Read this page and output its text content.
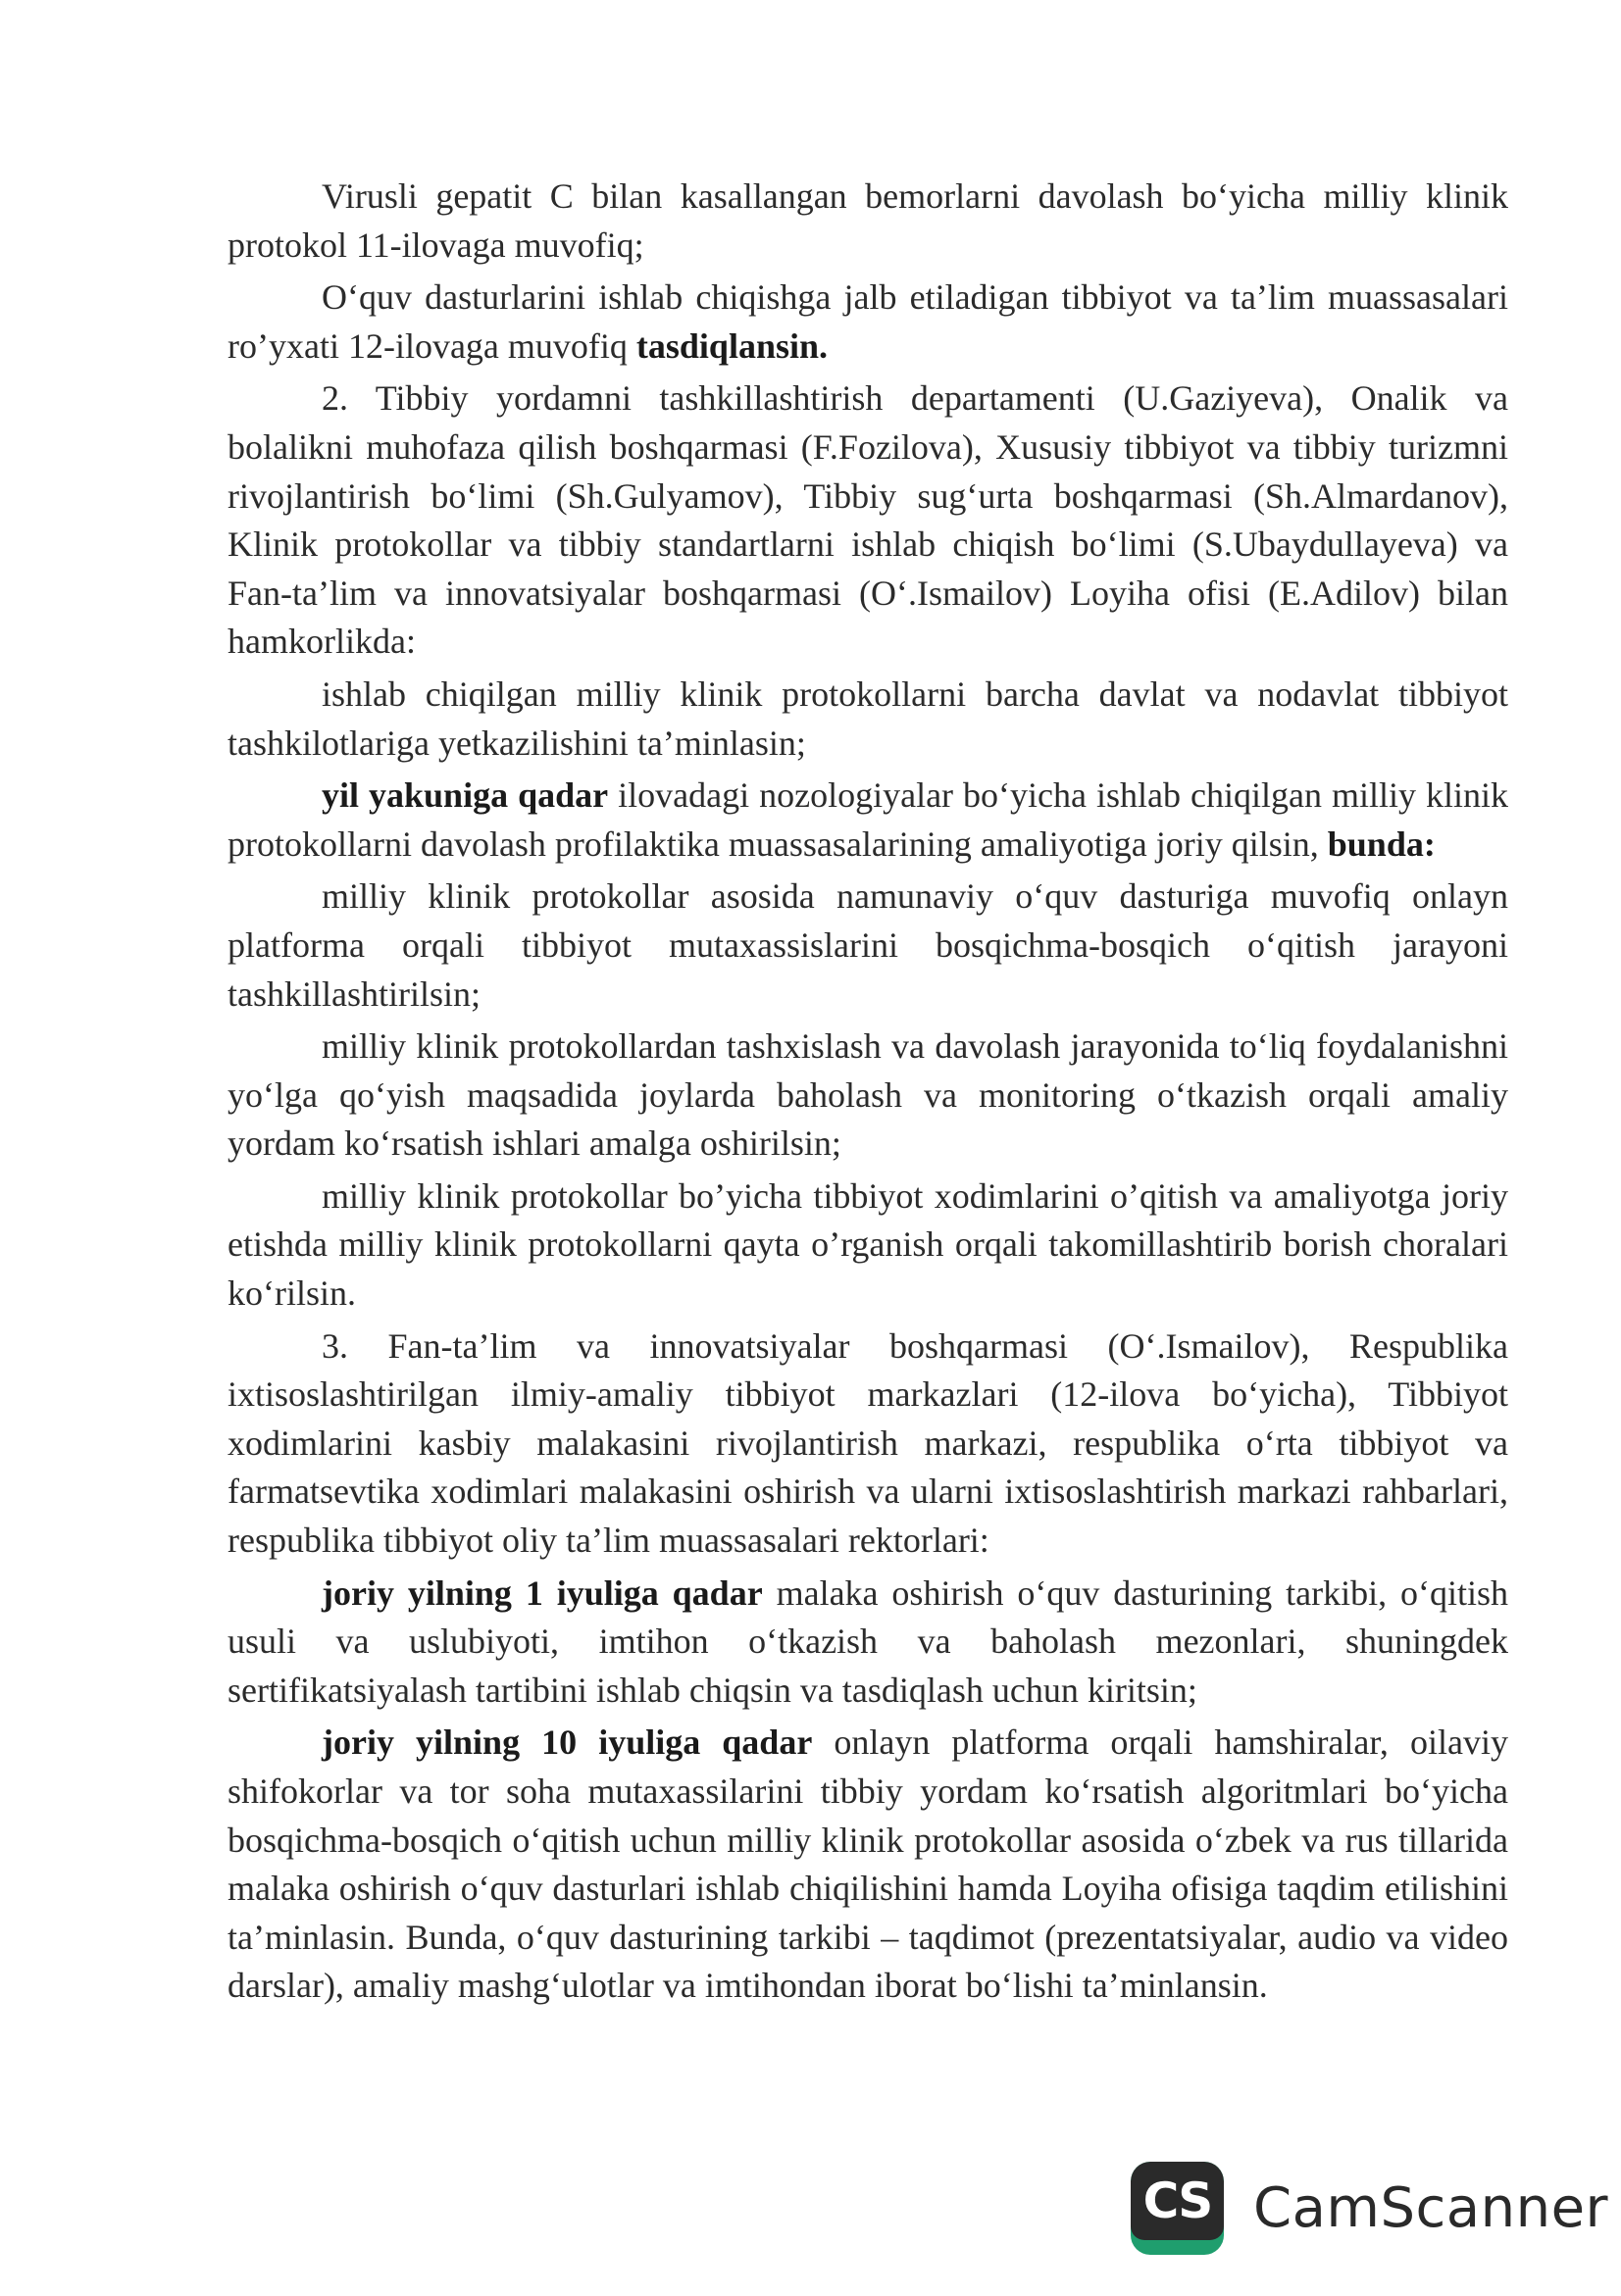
Virusli gepatit C bilan kasallangan bemorlarni davolash bo‘yicha milliy klinik protokol 11-ilovaga muvofiq;

O‘quv dasturlarini ishlab chiqishga jalb etiladigan tibbiyot va ta’lim muassasalari ro’yxati 12-ilovaga muvofiq tasdiqlansin.

2. Tibbiy yordamni tashkillashtirish departamenti (U.Gaziyeva), Onalik va bolalikni muhofaza qilish boshqarmasi (F.Fozilova), Xususiy tibbiyot va tibbiy turizmni rivojlantirish bo‘limi (Sh.Gulyamov), Tibbiy sug‘urta boshqarmasi (Sh.Almardanov), Klinik protokollar va tibbiy standartlarni ishlab chiqish bo‘limi (S.Ubaydullayeva) va Fan-ta’lim va innovatsiyalar boshqarmasi (O‘.Ismailov) Loyiha ofisi (E.Adilov) bilan hamkorlikda:

ishlab chiqilgan milliy klinik protokollarni barcha davlat va nodavlat tibbiyot tashkilotlariga yetkazilishini ta’minlasin;

yil yakuniga qadar ilovadagi nozologiyalar bo‘yicha ishlab chiqilgan milliy klinik protokollarni davolash profilaktika muassasalarining amaliyotiga joriy qilsin, bunda:

milliy klinik protokollar asosida namunaviy o‘quv dasturiga muvofiq onlayn platforma orqali tibbiyot mutaxassislarini bosqichma-bosqich o‘qitish jarayoni tashkillashtirilsin;

milliy klinik protokollardan tashxislash va davolash jarayonida to‘liq foydalanishni yo‘lga qo‘yish maqsadida joylarda baholash va monitoring o‘tkazish orqali amaliy yordam ko‘rsatish ishlari amalga oshirilsin;

milliy klinik protokollar bo’yicha tibbiyot xodimlarini o’qitish va amaliyotga joriy etishda milliy klinik protokollarni qayta o’rganish orqali takomillashtirib borish choralari ko‘rilsin.

3. Fan-ta’lim va innovatsiyalar boshqarmasi (O‘.Ismailov), Respublika ixtisoslashtirilgan ilmiy-amaliy tibbiyot markazlari (12-ilova bo‘yicha), Tibbiyot xodimlarini kasbiy malakasini rivojlantirish markazi, respublika o‘rta tibbiyot va farmatsevtika xodimlari malakasini oshirish va ularni ixtisoslashtirish markazi rahbarlari, respublika tibbiyot oliy ta’lim muassasalari rektorlari:

joriy yilning 1 iyuliga qadar malaka oshirish o‘quv dasturining tarkibi, o‘qitish usuli va uslubiyoti, imtihon o‘tkazish va baholash mezonlari, shuningdek sertifikatsiyalash tartibini ishlab chiqsin va tasdiqlash uchun kiritsin;

joriy yilning 10 iyuliga qadar onlayn platforma orqali hamshiralar, oilaviy shifokorlar va tor soha mutaxassilarini tibbiy yordam ko‘rsatish algoritmlari bo‘yicha bosqichma-bosqich o‘qitish uchun milliy klinik protokollar asosida o‘zbek va rus tillarida malaka oshirish o‘quv dasturlari ishlab chiqilishini hamda Loyiha ofisiga taqdim etilishini ta’minlasin. Bunda, o‘quv dasturining tarkibi – taqdimot (prezentatsiyalar, audio va video darslar), amaliy mashg‘ulotlar va imtihondan iborat bo‘lishi ta’minlansin.

CS CamScanner
